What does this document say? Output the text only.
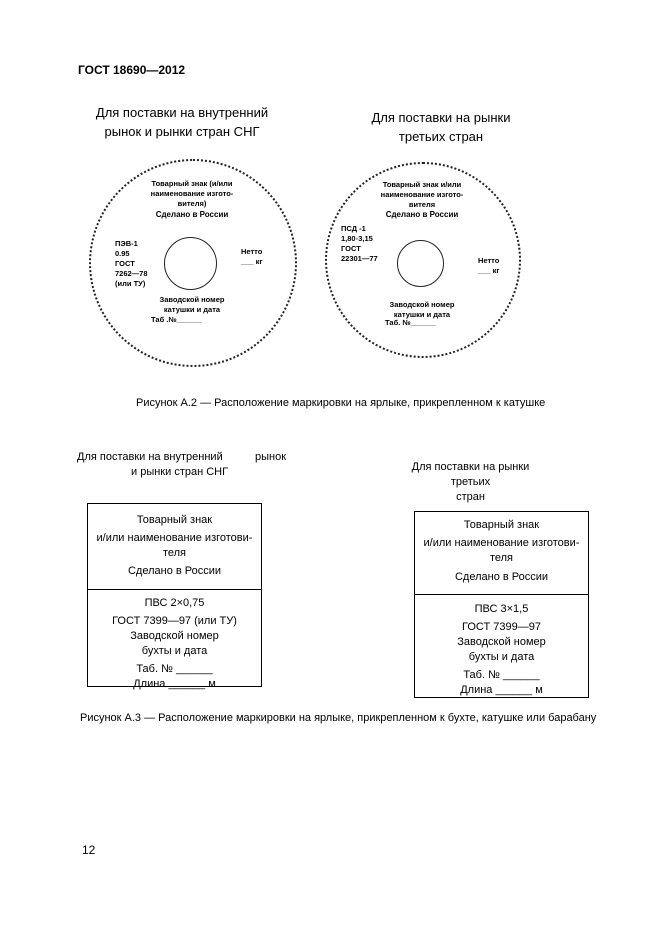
ГОСТ 18690—2012
Для поставки на внутренний
рынок и рынки стран СНГ
Для поставки на рынки
третьих стран
Товарный знак (и/или
наименование изгото-
вителя)
Сделано в России
ПЭВ-1
0.95
ГОСТ
7262—78
(или ТУ)
Нетто
___ кг
Заводской номер
катушки и дата
Таб .№______
Товарный знак и/или
наименование изгото-
вителя
Сделано в России
ПСД -1
1,80◦3,15
ГОСТ
22301—77	Нетто
___ кг
Заводской номер
катушки и дата
Таб. №______
Рисунок А.2 — Расположение маркировки на ярлыке, прикрепленном к катушке
Для поставки на внутренний	рынок
и рынки стран СНГ	Для поставки на рынки третьих
стран
Товарный знак
и/или наименование изготови-
теля
Сделано в России
ПВС 2×0,75
ГОСТ 7399—97 (или ТУ)
Заводской номер
бухты и дата
Таб. № ______
Длина ______ м
Товарный знак
и/или наименование изготови-
теля
Сделано в России
ПВС 3×1,5
ГОСТ 7399—97
Заводской номер
бухты и дата
Таб. № ______
Длина ______ м
Рисунок А.3 — Расположение маркировки на ярлыке, прикрепленном к бухте, катушке или барабану
12
